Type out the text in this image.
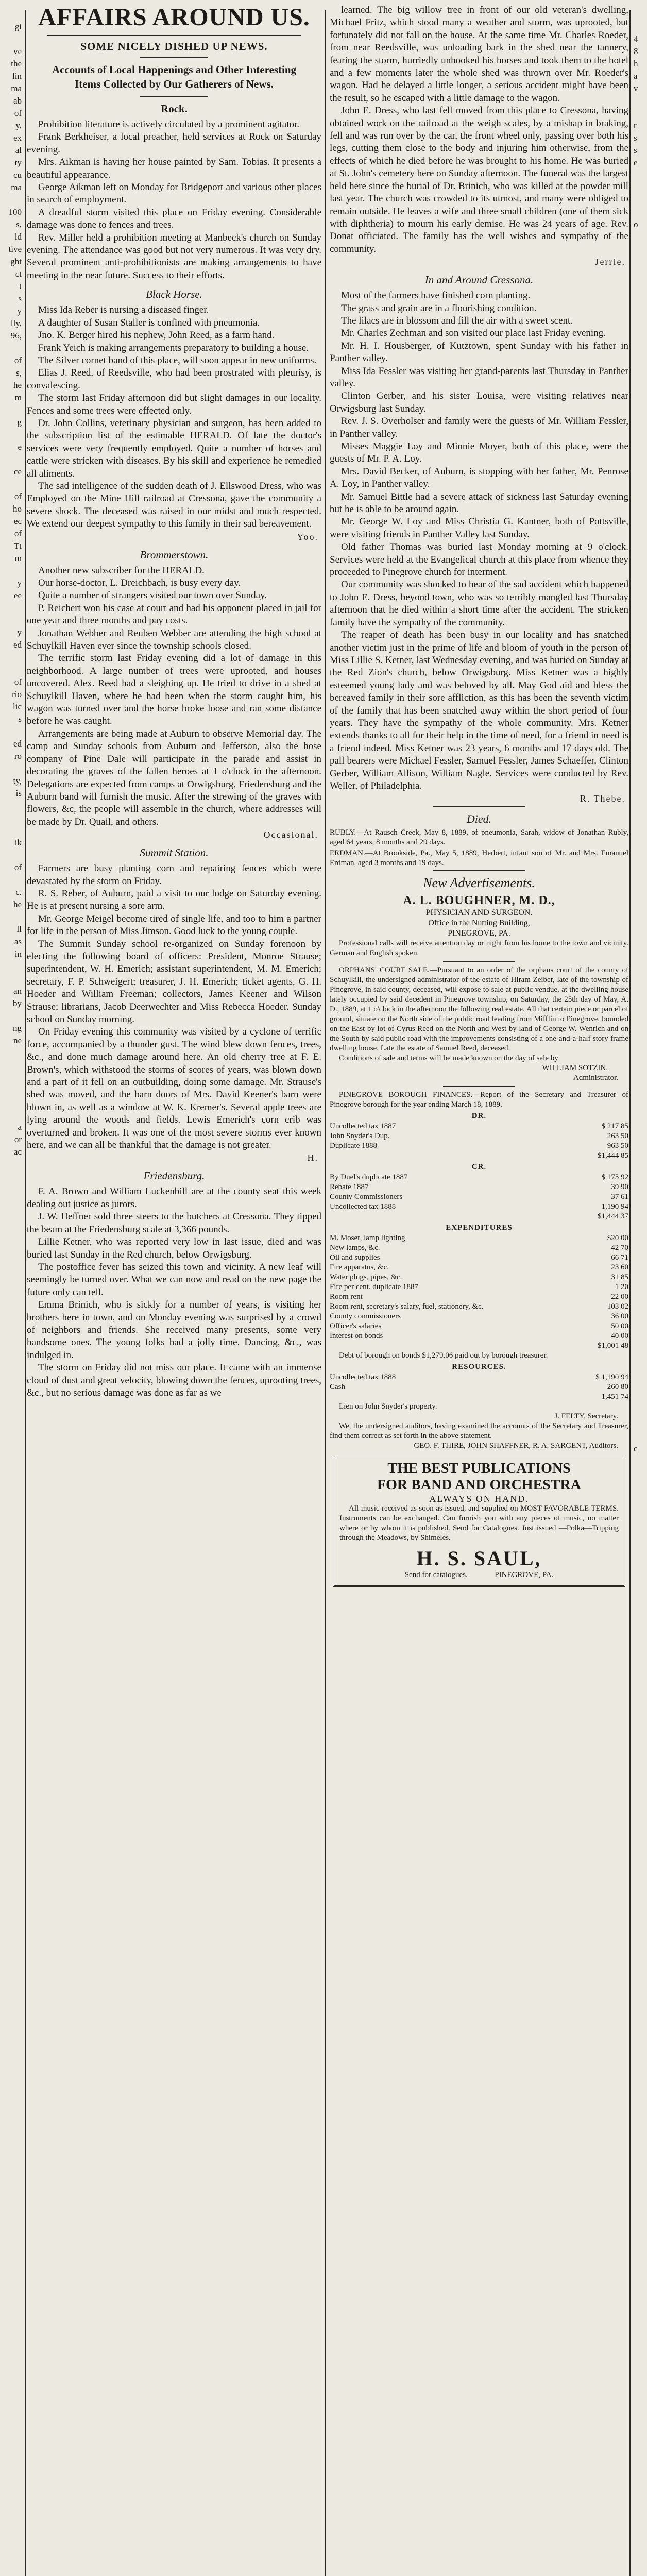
gi
ve
the
lin
ma
ab
of
y,
ex
al
ty
cu
ma
100
s,
ld
tive
ght
ct
t
s
y
lly,
96,
of
s,
he
m
g
e
ce
of
ho
ec
of
Tt
m
y
ee
y
ed
of
rio
lic
s
ed
ro
ty,
is
ik
of
c.
he
ll
as
in
an
by
ng
ne
a
or
ac
AFFAIRS AROUND US.
SOME NICELY DISHED UP NEWS.
Accounts of Local Happenings and Other Interesting Items Collected by Our Gatherers of News.
Rock.

Prohibition literature is actively circulated by a prominent agitator.

Frank Berkheiser, a local preacher, held services at Rock on Saturday evening.

Mrs. Aikman is having her house painted by Sam. Tobias. It presents a beautiful appearance.

George Aikman left on Monday for Bridgeport and various other places in search of employment.

A dreadful storm visited this place on Friday evening. Considerable damage was done to fences and trees.

Rev. Miller held a prohibition meeting at Manbeck's church on Sunday evening. The attendance was good but not very numerous. It was very dry. Several prominent anti-prohibitionists are making arrangements to have meeting in the near future. Success to their efforts.

Black Horse.

Miss Ida Reber is nursing a diseased finger.

A daughter of Susan Staller is confined with pneumonia.

Jno. K. Berger hired his nephew, John Reed, as a farm hand.

Frank Yeich is making arrangements preparatory to building a house.

The Silver cornet band of this place, will soon appear in new uniforms.

Elias J. Reed, of Reedsville, who had been prostrated with pleurisy, is convalescing.

The storm last Friday afternoon did but slight damages in our locality. Fences and some trees were effected only.

Dr. John Collins, veterinary physician and surgeon, has been added to the subscription list of the estimable HERALD. Of late the doctor's services were very frequently employed. Quite a number of horses and cattle were stricken with diseases. By his skill and experience he remedied all aliments.

The sad intelligence of the sudden death of J. Ellswood Dress, who was Employed on the Mine Hill railroad at Cressona, gave the community a severe shock. The deceased was raised in our midst and much respected. We extend our deepest sympathy to this family in their sad bereavement.

Yoo.
Brommerstown.

Another new subscriber for the HERALD.

Our horse-doctor, L. Dreichbach, is busy every day.

Quite a number of strangers visited our town over Sunday.

P. Reichert won his case at court and had his opponent placed in jail for one year and three months and pay costs.

Jonathan Webber and Reuben Webber are attending the high school at Schuylkill Haven ever since the township schools closed.

The terrific storm last Friday evening did a lot of damage in this neighborhood. A large number of trees were uprooted, and houses uncovered. Alex. Reed had a sleighing up. He tried to drive in a shed at Schuylkill Haven, where he had been when the storm caught him, his wagon was turned over and the horse broke loose and ran some distance before he was caught.

Arrangements are being made at Auburn to observe Memorial day. The camp and Sunday schools from Auburn and Jefferson, also the hose company of Pine Dale will participate in the parade and assist in decorating the graves of the fallen heroes at 1 o'clock in the afternoon. Delegations are expected from camps at Orwigsburg, Friedensburg and the Auburn band will furnish the music. After the strewing of the graves with flowers, &c, the people will assemble in the church, where addresses will be made by Dr. Quail, and others.

Occasional.
Summit Station.

Farmers are busy planting corn and repairing fences which were devastated by the storm on Friday.

R. S. Reber, of Auburn, paid a visit to our lodge on Saturday evening. He is at present nursing a sore arm.

Mr. George Meigel become tired of single life, and too to him a partner for life in the person of Miss Jimson. Good luck to the young couple.

The Summit Sunday school re-organized on Sunday forenoon by electing the following board of officers: President, Monroe Strause; superintendent, W. H. Emerich; assistant superintendent, M. M. Emerich; secretary, F. P. Schweigert; treasurer, J. H. Emerich; ticket agents, G. H. Hoeder and William Freeman; collectors, James Keener and Wilson Strause; librarians, Jacob Deerwechter and Miss Rebecca Hoeder. Sunday school on Sunday morning.

On Friday evening this community was visited by a cyclone of terrific force, accompanied by a thunder gust. The wind blew down fences, trees, &c., and done much damage around here. An old cherry tree at F. E. Brown's, which withstood the storms of scores of years, was blown down and a part of it fell on an outbuilding, doing some damage. Mr. Strause's shed was moved, and the barn doors of Mrs. David Keener's barn were blown in, as well as a window at W. K. Kremer's. Several apple trees are lying around the woods and fields. Lewis Emerich's corn crib was overturned and broken. It was one of the most severe storms ever known here, and we can all be thankful that the damage is not greater.

H.
Friedensburg.

F. A. Brown and William Luckenbill are at the county seat this week dealing out justice as jurors.

J. W. Heffner sold three steers to the butchers at Cressona. They tipped the beam at the Friedensburg scale at 3,366 pounds.

Lillie Ketner, who was reported very low in last issue, died and was buried last Sunday in the Red church, below Orwigsburg.

The postoffice fever has seized this town and vicinity. A new leaf will seemingly be turned over. What we can now and read on the new page the future only can tell.

Emma Brinich, who is sickly for a number of years, is visiting her brothers here in town, and on Monday evening was surprised by a crowd of neighbors and friends. She received many presents, some very handsome ones. The young folks had a jolly time. Dancing, &c., was indulged in.

The storm on Friday did not miss our place. It came with an immense cloud of dust and great velocity, blowing down the fences, uprooting trees, &c., but no serious damage was done as far as we

learned. The big willow tree in front of our old veteran's dwelling, Michael Fritz, which stood many a weather and storm, was uprooted, but fortunately did not fall on the house. At the same time Mr. Charles Roeder, from near Reedsville, was unloading bark in the shed near the tannery, fearing the storm, hurriedly unhooked his horses and took them to the hotel and a few moments later the whole shed was thrown over Mr. Roeder's wagon. Had he delayed a little longer, a serious accident might have been the result, so he escaped with a little damage to the wagon.

John E. Dress, who last fell moved from this place to Cressona, having obtained work on the railroad at the weigh scales, by a mishap in braking, fell and was run over by the car, the front wheel only, passing over both his legs, cutting them close to the body and injuring him otherwise, from the effects of which he died before he was brought to his home. He was buried at St. John's cemetery here on Sunday afternoon. The funeral was the largest held here since the burial of Dr. Brinich, who was killed at the powder mill last year. The church was crowded to its utmost, and many were obliged to remain outside. He leaves a wife and three small children (one of them sick with diphtheria) to mourn his early demise. He was 24 years of age. Rev. Donat officiated. The family has the well wishes and sympathy of the community.

Jerrie.
In and Around Cressona.

Most of the farmers have finished corn planting.

The grass and grain are in a flourishing condition.

The lilacs are in blossom and fill the air with a sweet scent.

Mr. Charles Zechman and son visited our place last Friday evening.

Mr. H. I. Housberger, of Kutztown, spent Sunday with his father in Panther valley.

Miss Ida Fessler was visiting her grand-parents last Thursday in Panther valley.

Clinton Gerber, and his sister Louisa, were visiting relatives near Orwigsburg last Sunday.

Rev. J. S. Overholser and family were the guests of Mr. William Fessler, in Panther valley.

Misses Maggie Loy and Minnie Moyer, both of this place, were the guests of Mr. P. A. Loy.

Mrs. David Becker, of Auburn, is stopping with her father, Mr. Penrose A. Loy, in Panther valley.

Mr. Samuel Bittle had a severe attack of sickness last Saturday evening but he is able to be around again.

Mr. George W. Loy and Miss Christia G. Kantner, both of Pottsville, were visiting friends in Panther Valley last Sunday.

Old father Thomas was buried last Monday morning at 9 o'clock. Services were held at the Evangelical church at this place from whence they proceeded to Pinegrove church for interment.

Our community was shocked to hear of the sad accident which happened to John E. Dress, beyond town, who was so terribly mangled last Thursday afternoon that he died within a short time after the accident. The stricken family have the sympathy of the community.

The reaper of death has been busy in our locality and has snatched another victim just in the prime of life and bloom of youth in the person of Miss Lillie S. Ketner, last Wednesday evening, and was buried on Sunday at the Red Zion's church, below Orwigsburg. Miss Ketner was a highly esteemed young lady and was beloved by all. May God aid and bless the bereaved family in their sore affliction, as this has been the seventh victim of the family that has been snatched away within the short period of four years. They have the sympathy of the whole community. Mrs. Ketner extends thanks to all for their help in the time of need, for a friend in need is a friend indeed. Miss Ketner was 23 years, 6 months and 17 days old. The pall bearers were Michael Fessler, Samuel Fessler, James Schaeffer, Clinton Gerber, William Allison, William Nagle. Services were conducted by Rev. Weller, of Philadelphia.

R. Thebe.
Died.
RUBLY.—At Rausch Creek, May 8, 1889, of pneumonia, Sarah, widow of Jonathan Rubly, aged 64 years, 8 months and 29 days.
ERDMAN.—At Brookside, Pa., May 5, 1889, Herbert, infant son of Mr. and Mrs. Emanuel Erdman, aged 3 months and 19 days.
New Advertisements.
A. L. BOUGHNER, M. D.,
PHYSICIAN AND SURGEON.
Office in the Nutting Building,
PINEGROVE, PA.

Professional calls will receive attention day or night from his home to the town and vicinity. German and English spoken.

ORPHANS' COURT SALE.—Pursuant to an order of the orphans court of the county of Schuylkill, the undersigned administrator of the estate of Hiram Zeiber, late of the township of Pinegrove, in said county, deceased, will expose to sale at public vendue, at the dwelling house lately occupied by said decedent in Pinegrove township, on Saturday, the 25th day of May, A. D., 1889, at 1 o'clock in the afternoon the following real estate. All that certain piece or parcel of ground, situate on the North side of the public road leading from Mifflin to Pinegrove, bounded on the East by lot of Cyrus Reed on the North and West by land of George W. Wenrich and on the South by said public road with the improvements consisting of a one-and-a-half story frame dwelling house. Late the estate of Samuel Reed, deceased.

Conditions of sale and terms will be made known on the day of sale by

WILLIAM SOTZIN,
Administrator.

PINEGROVE BOROUGH FINANCES.—Report of the Secretary and Treasurer of Pinegrove borough for the year ending March 18, 1889.

DR.
Uncollected tax 1887	$ 217 85
John Snyder's Dup.	263 50
Duplicate 1888	963 50
$1,444 85
CR.
By Duel's duplicate 1887	$ 175 92
Rebate 1887	39 90
County Commissioners	37 61
Uncollected tax 1888	1,190 94
$1,444 37
EXPENDITURES
M. Moser, lamp lighting	$20 00
New lamps, &c.	42 70
Oil and supplies	66 71
Fire apparatus, &c.	23 60
Water plugs, pipes, &c.	31 85
Fire per cent. duplicate 1887	1 20
Room rent	22 00
Room rent, secretary's salary, fuel, stationery, &c.	103 02
County commissioners	36 00
Officer's salaries	50 00
Interest on bonds	40 00
$1,001 48

Debt of borough on bonds $1,279.06 paid out by borough treasurer.

RESOURCES.
Uncollected tax 1888	$ 1,190 94
Cash	260 80
1,451 74

Lien on John Snyder's property.

J. FELTY, Secretary.

We, the undersigned auditors, having examined the accounts of the Secretary and Treasurer, find them correct as set forth in the above statement.

GEO. F. THIRE, JOHN SHAFFNER, R. A. SARGENT, Auditors.
THE BEST PUBLICATIONS
FOR BAND AND ORCHESTRA
ALWAYS ON HAND.

All music received as soon as issued, and supplied on MOST FAVORABLE TERMS. Instruments can be exchanged. Can furnish you with any pieces of music, no matter where or by whom it is published. Send for Catalogues. Just issued —Polka—Tripping through the Meadows, by Shimeles.

H. S. SAUL,
Send for catalogues.              PINEGROVE, PA.
4
8
h
a
v
r
s
s
e
o
c
